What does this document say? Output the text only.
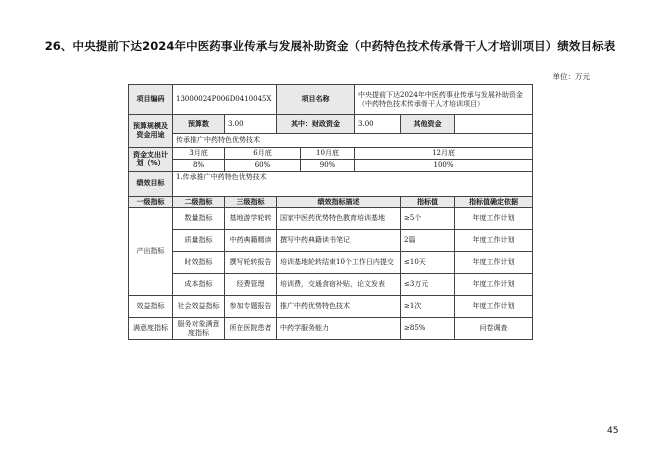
26、中央提前下达2024年中医药事业传承与发展补助资金（中药特色技术传承骨干人才培训项目）绩效目标表
单位：万元
项目编码	13000024P006D0410045X		项目名称		中央提前下达2024年中医药事业传承与发展补助资金（中药特色技术传承骨干人才培训项目）		
预算规模及资金用途	预算数	3.00	其中：财政资金		3.00	其他资金	
	传承推广中药特色优势技术						
资金支出计划（%）	3月底	6月底		10月底	12月底		
	8%	60%		90%	100%		
绩效目标	1.传承推广中药特色优势技术						
一级指标	二级指标	三级指标	绩效指标描述			指标值	指标值确定依据
产出指标	数量指标	基地游学轮转	国家中医药优势特色教育培训基地			≥5个	年度工作计划
	质量指标	中药典籍精读	撰写中药典籍读书笔记			2篇	年度工作计划
	时效指标	撰写轮转报告	培训基地轮转结束10个工作日内提交			≤10天	年度工作计划
	成本指标	经费管理	培训费，交通食宿补贴，论文发表			≤3万元	年度工作计划
效益指标	社会效益指标	参加专题报告	推广中药优势特色技术			≥1次	年度工作计划
满意度指标	服务对象满意度指标	所在医院患者	中药学服务能力			≥85%	问卷调查
45
